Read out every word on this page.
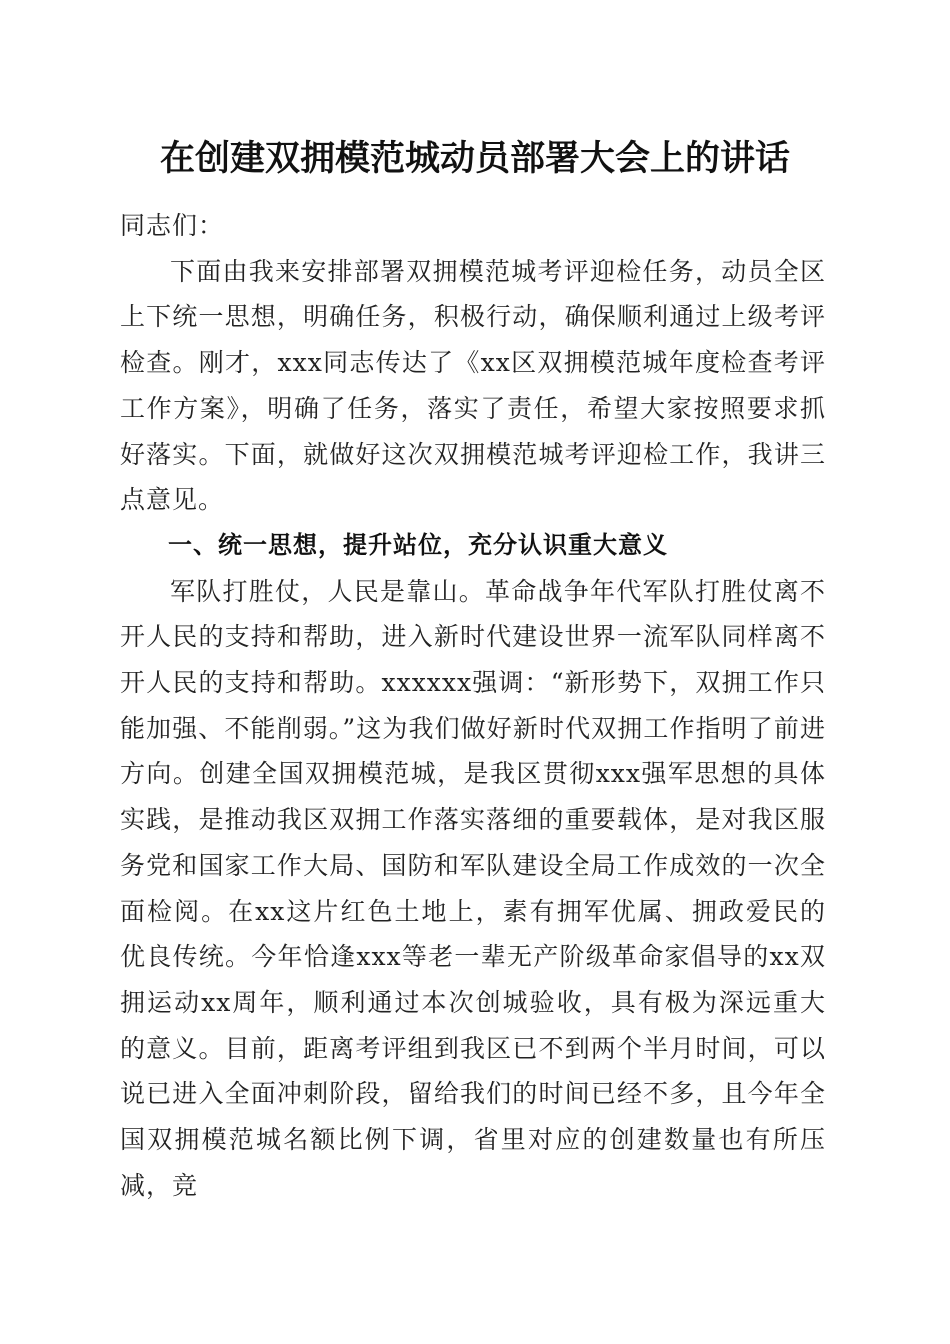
在创建双拥模范城动员部署大会上的讲话

同志们：

下面由我来安排部署双拥模范城考评迎检任务，动员全区上下统一思想，明确任务，积极行动，确保顺利通过上级考评检查。刚才，xxx同志传达了《xx区双拥模范城年度检查考评工作方案》，明确了任务，落实了责任，希望大家按照要求抓好落实。下面，就做好这次双拥模范城考评迎检工作，我讲三点意见。

一、统一思想，提升站位，充分认识重大意义

军队打胜仗，人民是靠山。革命战争年代军队打胜仗离不开人民的支持和帮助，进入新时代建设世界一流军队同样离不开人民的支持和帮助。xxxxxx强调：“新形势下，双拥工作只能加强、不能削弱。”这为我们做好新时代双拥工作指明了前进方向。创建全国双拥模范城，是我区贯彻xxx强军思想的具体实践，是推动我区双拥工作落实落细的重要载体，是对我区服务党和国家工作大局、国防和军队建设全局工作成效的一次全面检阅。在xx这片红色土地上，素有拥军优属、拥政爱民的优良传统。今年恰逢xxx等老一辈无产阶级革命家倡导的xx双拥运动xx周年，顺利通过本次创城验收，具有极为深远重大的意义。目前，距离考评组到我区已不到两个半月时间，可以说已进入全面冲刺阶段，留给我们的时间已经不多，且今年全国双拥模范城名额比例下调，省里对应的创建数量也有所压减，竞
